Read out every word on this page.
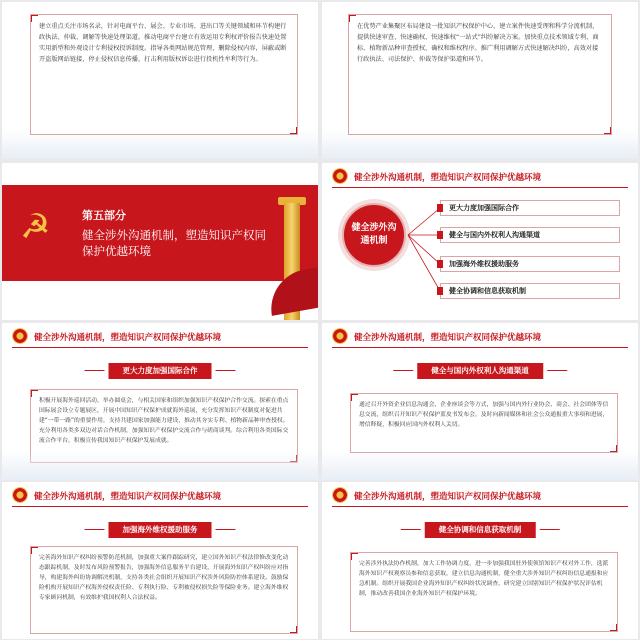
建立重点关注市场名录，针对电商平台、展会、专业市场、进出口等关键领域和环节构建行政执法、仲裁、调解等快速处理渠道。推动电商平台建立有效运用专利权评价报告快速处置实用新型和外观设计专利侵权投诉制度。指导各类网站规范管理，删除侵权内容，屏蔽或断开盗版网站链接，停止侵权信息传播，打击利用版权诉讼进行投机性牟利等行为。

在优势产业集聚区布局建设一批知识产权保护中心，建立案件快速受理和科学分流机制，提供快速审查、快速确权、快速维权“一站式”纠纷解决方案。加快重点技术领域专利、商标、植物新品种审查授权、确权和维权程序。推广利用调解方式快速解决纠纷，高效对接行政执法、司法保护、仲裁等保护渠道和环节。

☭	第五部分
健全涉外沟通机制，塑造知识产权同保护优越环境
健全涉外沟通机制，塑造知识产权同保护优越环境
健全涉外沟通机制
更大力度加强国际合作
健全与国内外权利人沟通渠道
加强海外维权援助服务
健全协调和信息获取机制
健全涉外沟通机制，塑造知识产权同保护优越环境
更大力度加强国际合作

积极开展海外巡回活动，举办圆桌会，与相关国家和组织加强知识产权保护合作交流。探索在重点国际展会设立专题展区，开展中国知识产权保护成就海外巡展，充分发挥知识产权制度对促进共建“一带一路”的重要作用，支持共建国家加强能力建设，推动其夯实专利、植物新品种审查授权。充分利用各类多双边对话合作机制，加强知识产权保护交流合作与磋商谈判。综合利用各类国际交流合作平台，积极宣传我国知识产权保护发展成就。

健全涉外沟通机制，塑造知识产权同保护优越环境
健全与国内外权利人沟通渠道

通过召开外资企业信息沟通会、企业座谈会等方式，加强与国内外行业协会、商会、社会团体等信息交流，组织召开知识产权保护蓝皮书发布会，及时向新闻媒体和社会公众通报重大事项和进展，增信释疑，积极回应国内外权利人关切。

健全涉外沟通机制，塑造知识产权同保护优越环境
加强海外维权援助服务

完善海外知识产权纠纷预警防范机制，加强重大案件跟踪研究，建立国外知识产权法律修改变化动态跟踪机制，及时发布风险预警报告，加强海外信息服务平台建设，开展海外知识产权纠纷应对指导，构建海外纠纷协调解决机制，支持各类社会组织开展知识产权涉外风险防控体系建设。鼓励保险机构开展知识产权海外侵权责任险、专利执行险、专利被侵权损失险等保险业务。建立海外维权专家顾问机制，有效维护我国权利人合法权益。

健全涉外沟通机制，塑造知识产权同保护优越环境
健全协调和信息获取机制

完善涉外执法协作机制，加大工作协调力度，进一步加强我国驻外使领馆知识产权对外工作，选派海外知识产权观察员参和信息获取，建立信息沟通机制，健全重大涉外知识产权纠纷信息通报和应急机制。组织开展我国企业海外知识产权纠纷状况调查，研究建立国别知识产权保护状况评估机制，推动改善我国企业海外知识产权保护环境。
